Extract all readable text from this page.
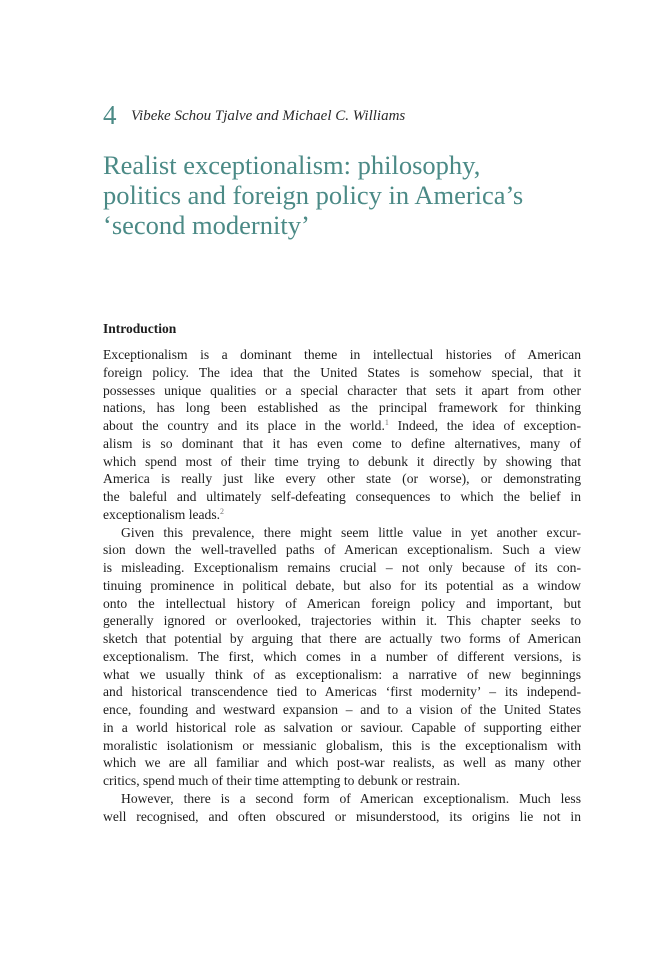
4 Vibeke Schou Tjalve and Michael C. Williams
Realist exceptionalism: philosophy,
politics and foreign policy in America’s
‘second modernity’
Introduction

Exceptionalism is a dominant theme in intellectual histories of American
foreign policy. The idea that the United States is somehow special, that it
possesses unique qualities or a special character that sets it apart from other
nations, has long been established as the principal framework for thinking
about the country and its place in the world.$^1$ Indeed, the idea of exception-
alism is so dominant that it has even come to define alternatives, many of
which spend most of their time trying to debunk it directly by showing that
America is really just like every other state (or worse), or demonstrating
the baleful and ultimately self-defeating consequences to which the belief in
exceptionalism leads.$^2$

Given this prevalence, there might seem little value in yet another excur-
sion down the well-travelled paths of American exceptionalism. Such a view
is misleading. Exceptionalism remains crucial – not only because of its con-
tinuing prominence in political debate, but also for its potential as a window
onto the intellectual history of American foreign policy and important, but
generally ignored or overlooked, trajectories within it. This chapter seeks to
sketch that potential by arguing that there are actually two forms of American
exceptionalism. The first, which comes in a number of different versions, is
what we usually think of as exceptionalism: a narrative of new beginnings
and historical transcendence tied to Americas ‘first modernity’ – its independ-
ence, founding and westward expansion – and to a vision of the United States
in a world historical role as salvation or saviour. Capable of supporting either
moralistic isolationism or messianic globalism, this is the exceptionalism with
which we are all familiar and which post-war realists, as well as many other
critics, spend much of their time attempting to debunk or restrain.

However, there is a second form of American exceptionalism. Much less
well recognised, and often obscured or misunderstood, its origins lie not in
